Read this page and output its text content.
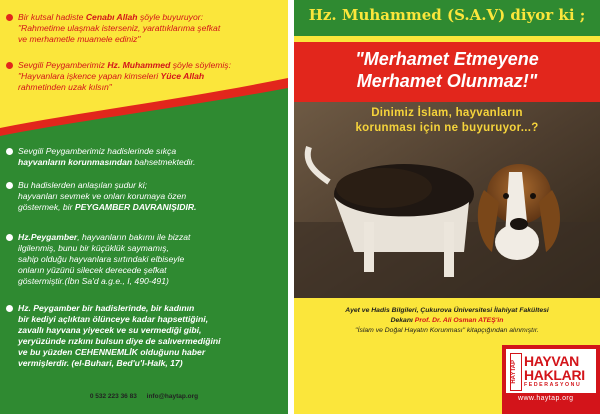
Bir kutsal hadiste Cenabı Allah şöyle buyuruyor:
"Rahmetime ulaşmak isterseniz, yarattıklarıma şefkat
ve merhametle muamele ediniz"
Sevgili Peygamberimiz Hz. Muhammed şöyle söylemiş:
"Hayvanlara işkence yapan kimseleri Yüce Allah
rahmetinden uzak kılsın"
Sevgili Peygamberimiz hadislerinde sıkça
hayvanların korunmasından bahsetmektedir.
Bu hadislerden anlaşılan şudur ki;
hayvanları sevmek ve onları korumaya özen
göstermek, bir PEYGAMBER DAVRANIŞIDIR.
Hz.Peygamber, hayvanların bakımı ile bizzat
ilgilenmiş, bunu bir küçüklük saymamış,
sahip olduğu hayvanlara sırtındaki elbiseyle
onların yüzünü silecek derecede şefkat
göstermiştir.(İbn Sa'd a.g.e., I, 490-491)
Hz. Peygamber bir hadislerinde, bir kadının
bir kediyi açlıktan ölünceye kadar hapsettiğini,
zavallı hayvana yiyecek ve su vermediği gibi,
yeryüzünde rızkını bulsun diye de salıvermediğini
ve bu yüzden CEHENNEMLİK olduğunu haber
vermişlerdir. (el-Buhari, Bed'u'l-Halk, 17)
0 532 223 36 83 info@haytap.org
Hz. Muhammed (S.A.V) diyor ki ;
"Merhamet Etmeyene
Merhamet Olunmaz!"
Dinimiz İslam, hayvanların
korunması için ne buyuruyor...?
Ayet ve Hadis Bilgileri, Çukurova Üniversitesi İlahiyat Fakültesi
Dekanı Prof. Dr. Ali Osman ATEŞ'in
"İslam ve Doğal Hayatın Korunması" kitapçığından alınmıştır.
HAYTAP HAYVAN
HAKLARI
FEDERASYONU
www.haytap.org
